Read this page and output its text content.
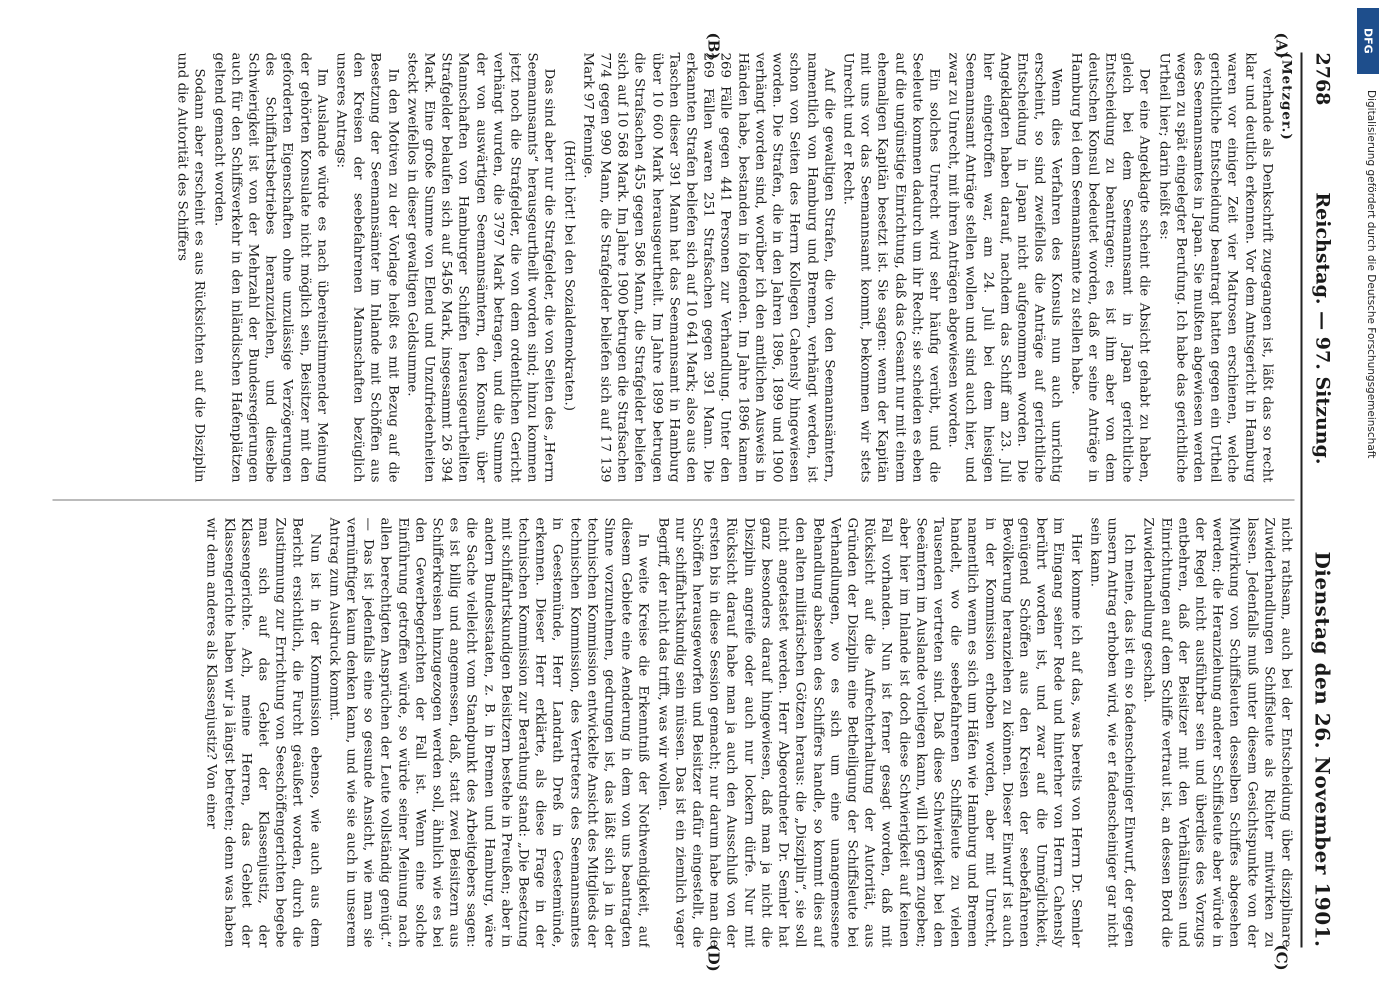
2768
Reichstag. — 97. Sitzung.
Dienstag den 26. November 1901.
(A)
(B)
(C)
(D)

(Metzger.)

verhande als Denkschrift zugegangen ist, läßt das so recht klar und deutlich erkennen. Vor dem Amtsgericht in Hamburg waren vor einiger Zeit vier Matrosen erschienen, welche gerichtliche Entscheidung beantragt hatten gegen ein Urtheil des Seemannsamtes in Japan. Sie mußten abgewiesen werden wegen zu spät eingelegter Berufung. Ich habe das gerichtliche Urtheil hier; darin heißt es:

Der eine Angeklagte scheint die Absicht gehabt zu haben, gleich bei dem Seemannsamt in Japan gerichtliche Entscheidung zu beantragen; es ist ihm aber von dem deutschen Konsul bedeutet worden, daß er seine Anträge in Hamburg bei dem Seemannsamte zu stellen habe.

Wenn dies Verfahren des Konsuls nun auch unrichtig erscheint, so sind zweifellos die Anträge auf gerichtliche Entscheidung in Japan nicht aufgenommen worden. Die Angeklagten haben darauf, nachdem das Schiff am 23. Juli hier eingetroffen war, am 24. Juli bei dem hiesigen Seemannsamt Anträge stellen wollen und sind auch hier, und zwar zu Unrecht, mit ihren Anträgen abgewiesen worden.

Ein solches Unrecht wird sehr häufig verübt, und die Seeleute kommen dadurch um ihr Recht; sie scheiden es eben auf die ungünstige Einrichtung, daß das Gesamt nur mit einem ehemaligen Kapitän besetzt ist. Sie sagen: wenn der Kapitän mit uns vor das Seemannsamt kommt, bekommen wir stets Unrecht und er Recht.

Auf die gewaltigen Strafen, die von den Seemannsämtern, namentlich von Hamburg und Bremen, verhängt werden, ist schon von Seiten des Herrn Kollegen Cahensly hingewiesen worden. Die Strafen, die in den Jahren 1896, 1899 und 1900 verhängt worden sind, worüber ich den amtlichen Ausweis in Händen habe, bestanden in folgenden. Im Jahre 1896 kamen 269 Fälle gegen 441 Personen zur Verhandlung. Unter den 269 Fällen waren 251 Strafsachen gegen 391 Mann. Die erkannten Strafen beliefen sich auf 10 641 Mark; also aus den Taschen dieser 391 Mann hat das Seemannsamt in Hamburg über 10 600 Mark herausgeurtheilt. Im Jahre 1899 betrugen die Strafsachen 455 gegen 586 Mann, die Strafgelder beliefen sich auf 10 568 Mark. Im Jahre 1900 betrugen die Strafsachen 774 gegen 990 Mann, die Strafgelder beliefen sich auf 17 139 Mark 97 Pfennige.

(Hört! hört! bei den Sozialdemokraten.)

Das sind aber nur die Strafgelder, die von Seiten des „Herrn Seemannsamts“ herausgeurtheilt worden sind; hinzu kommen jetzt noch die Strafgelder, die von dem ordentlichen Gericht verhängt wurden, die 3797 Mark betragen, und die Summe der von auswärtigen Seemannsämtern, den Konsuln, über Mannschaften von Hamburger Schiffen herausgeurtheilten Strafgelder belaufen sich auf 5456 Mark, insgesammt 26 394 Mark. Eine große Summe von Elend und Unzufriedenheiten steckt zweifellos in dieser gewaltigen Geldsumme.

In den Motiven zu der Vorlage heißt es mit Bezug auf die Besetzung der Seemannsämter im Inlande mit Schöffen aus den Kreisen der seebefahrenen Mannschaften bezüglich unseres Antrags:

Im Auslande würde es nach übereinstimmender Meinung der gehörten Konsulate nicht möglich sein, Beisitzer mit den geforderten Eigenschaften ohne unzulässige Verzögerungen des Schiffahrtsbetriebes heranzuziehen, und dieselbe Schwierigkeit ist von der Mehrzahl der Bundesregierungen auch für den Schiffsverkehr in den inländischen Hafenplätzen geltend gemacht worden.

Sodann aber erscheint es aus Rücksichten auf die Disziplin und die Autorität des Schiffers

nicht rathsam, auch bei der Entscheidung über disziplinare Zuwiderhandlungen Schiffsleute als Richter mitwirken zu lassen. Jedenfalls muß unter diesem Gesichtspunkte von der Mitwirkung von Schiffsleuten desselben Schiffes abgesehen werden; die Heranziehung anderer Schiffsleute aber würde in der Regel nicht ausführbar sein und überdies des Vorzugs entbehren, daß der Beisitzer mit den Verhältnissen und Einrichtungen auf dem Schiffe vertraut ist, an dessen Bord die Zuwiderhandlung geschah.

Ich meine, das ist ein so fadenscheiniger Einwurf, der gegen unsern Antrag erhoben wird, wie er fadenscheiniger gar nicht sein kann.

Hier komme ich auf das, was bereits von Herrn Dr. Semler im Eingang seiner Rede und hinterher von Herrn Cahensly berührt worden ist, und zwar auf die Unmöglichkeit, genügend Schöffen aus den Kreisen der seebefahrenen Bevölkerung heranziehen zu können. Dieser Einwurf ist auch in der Kommission erhoben worden, aber mit Unrecht, namentlich wenn es sich um Häfen wie Hamburg und Bremen handelt, wo die seebefahrenen Schiffsleute zu vielen Tausenden vertreten sind. Daß diese Schwierigkeit bei den Seeämtern im Auslande vorliegen kann, will ich gern zugeben; aber hier im Inlande ist doch diese Schwierigkeit auf keinen Fall vorhanden. Nun ist ferner gesagt worden, daß mit Rücksicht auf die Aufrechterhaltung der Autorität, aus Gründen der Disziplin eine Betheiligung der Schiffsleute bei Verhandlungen, wo es sich um eine unangemessene Behandlung absehen des Schiffers handle, so kommt dies auf den alten militärischen Götzen heraus: die „Disziplin“, sie soll nicht angetastet werden. Herr Abgeordneter Dr. Semler hat ganz besonders darauf hingewiesen, daß man ja nicht die Disziplin angreife oder auch nur lockern dürfe. Nur mit Rücksicht darauf habe man ja auch den Ausschluß von der ersten bis in diese Session gemacht; nur darum habe man die Schöffen herausgeworfen und Beisitzer dafür eingestellt, die nur schiffahrtskundig sein müssen. Das ist ein ziemlich vager Begriff, der nicht das trifft, was wir wollen.

In weite Kreise die Erkenntniß der Nothwendigkeit, auf diesem Gebiete eine Aenderung in dem von uns beantragten Sinne vorzunehmen, gedrungen ist, das läßt sich ja in der technischen Kommission entwickelte Ansicht des Mitglieds der technischen Kommission, des Vertreters des Seemannsamtes in Geestemünde, Herr Landrath Dreß in Geestemünde, erkennen. Dieser Herr erklärte, als diese Frage in der technischen Kommission zur Berathung stand: „Die Besetzung mit schiffahrtskundigen Beisitzern bestehe in Preußen; aber in andern Bundesstaaten, z. B. in Bremen und Hamburg, wäre die Sache vielleicht vom Standpunkt des Arbeitgebers sagen: es ist billig und angemessen, daß, statt zwei Beisitzern aus Schifferkreisen hinzugezogen werden soll, ähnlich wie es bei den Gewerbegerichten der Fall ist. Wenn eine solche Einführung getroffen würde, so würde seiner Meinung nach allen berechtigten Ansprüchen der Leute vollständig genügt.“ — Das ist jedenfalls eine so gesunde Ansicht, wie man sie vernünftiger kaum denken kann, und wie sie auch in unserem Antrag zum Ausdruck kommt.

Nun ist in der Kommission ebenso, wie auch aus dem Bericht ersichtlich, die Furcht geäußert worden, durch die Zustimmung zur Errichtung von Seeschöffengerichten begebe man sich auf das Gebiet der Klassenjustiz, der Klassengerichte. Ach, meine Herren, das Gebiet der Klassengerichte haben wir ja längst betreten; denn was haben wir denn anderes als Klassenjustiz? Von einer

DFG
Digitalisierung gefördert durch die Deutsche Forschungsgemeinschaft
